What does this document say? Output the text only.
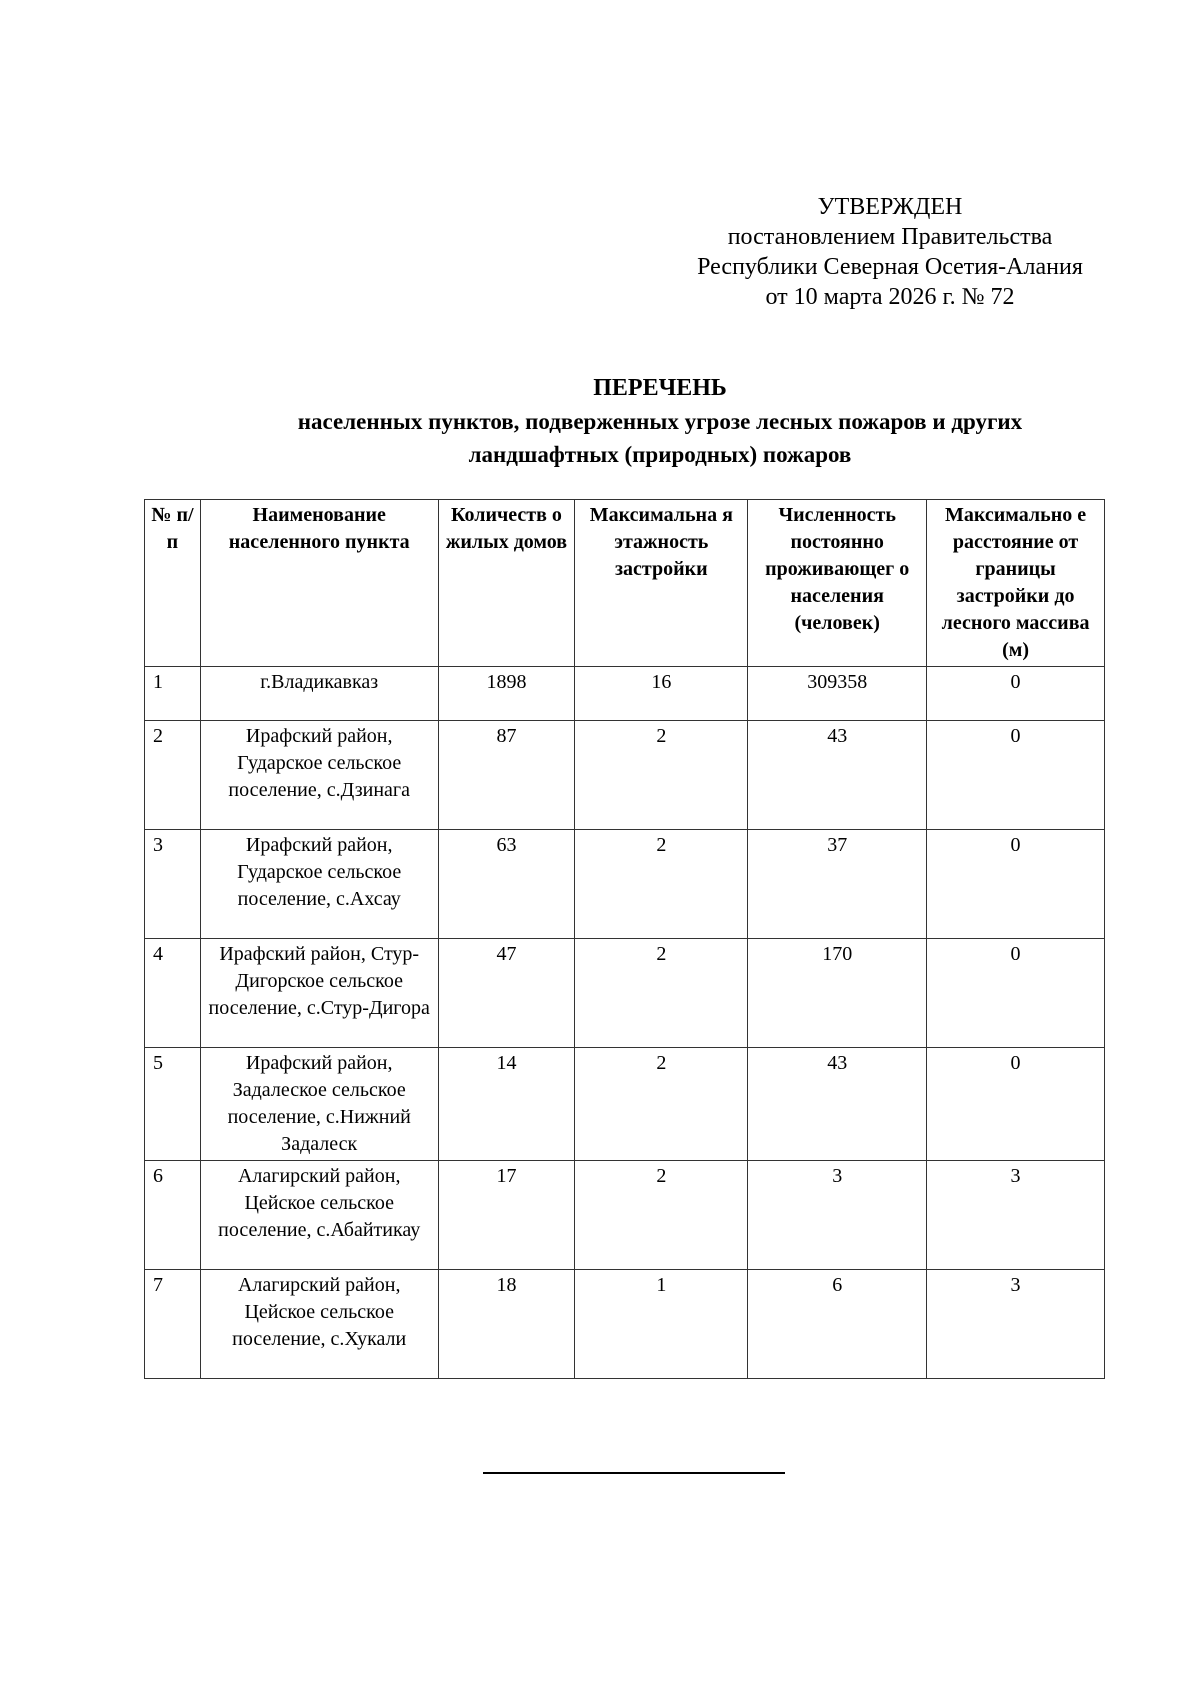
УТВЕРЖДЕН
постановлением Правительства
Республики Северная Осетия-Алания
от 10 марта 2026 г. № 72
ПЕРЕЧЕНЬ
населенных пунктов, подверженных угрозе лесных пожаров и других
ландшафтных (природных) пожаров
№ п/п	Наименование населенного пункта	Количеств о жилых домов	Максимальна я этажность застройки	Численность постоянно проживающег о населения (человек)	Максимально е расстояние от границы застройки до лесного массива (м)
1	г.Владикавказ	1898	16	309358	0
2	Ирафский район, Гударское сельское поселение, с.Дзинага	87	2	43	0
3	Ирафский район, Гударское сельское поселение, с.Ахсау	63	2	37	0
4	Ирафский район, Стур-Дигорское сельское поселение, с.Стур-Дигора	47	2	170	0
5	Ирафский район, Задалеское сельское поселение, с.Нижний Задалеск	14	2	43	0
6	Алагирский район, Цейское сельское поселение, с.Абайтикау	17	2	3	3
7	Алагирский район, Цейское сельское поселение, с.Хукали	18	1	6	3
